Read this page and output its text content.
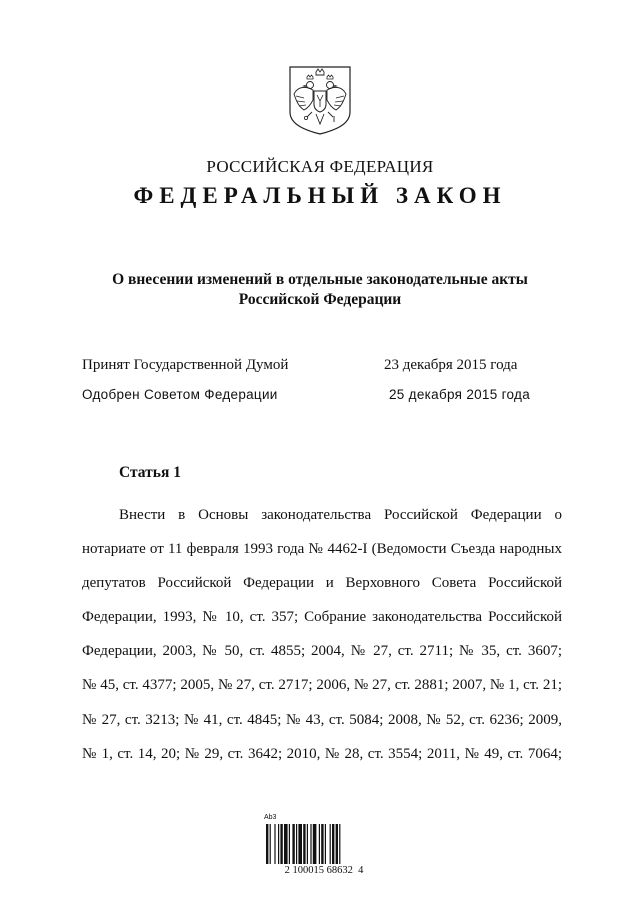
РОССИЙСКАЯ ФЕДЕРАЦИЯ
ФЕДЕРАЛЬНЫЙ ЗАКОН
О внесении изменений в отдельные законодательные акты
Российской Федерации
Принят Государственной Думой	23 декабря 2015 года
Одобрен Советом Федерации	25 декабря 2015 года
Статья 1
Внести в Основы законодательства Российской Федерации о
нотариате от 11 февраля 1993 года № 4462-I (Ведомости Съезда народных
депутатов Российской Федерации и Верховного Совета Российской
Федерации, 1993, № 10, ст. 357; Собрание законодательства Российской
Федерации, 2003, № 50, ст. 4855; 2004, № 27, ст. 2711; № 35, ст. 3607;
№ 45, ст. 4377; 2005, № 27, ст. 2717; 2006, № 27, ст. 2881; 2007, № 1, ст. 21;
№ 27, ст. 3213; № 41, ст. 4845; № 43, ст. 5084; 2008, № 52, ст. 6236; 2009,
№ 1, ст. 14, 20; № 29, ст. 3642; 2010, № 28, ст. 3554; 2011, № 49, ст. 7064;
Ab3
2 100015 68632  4
